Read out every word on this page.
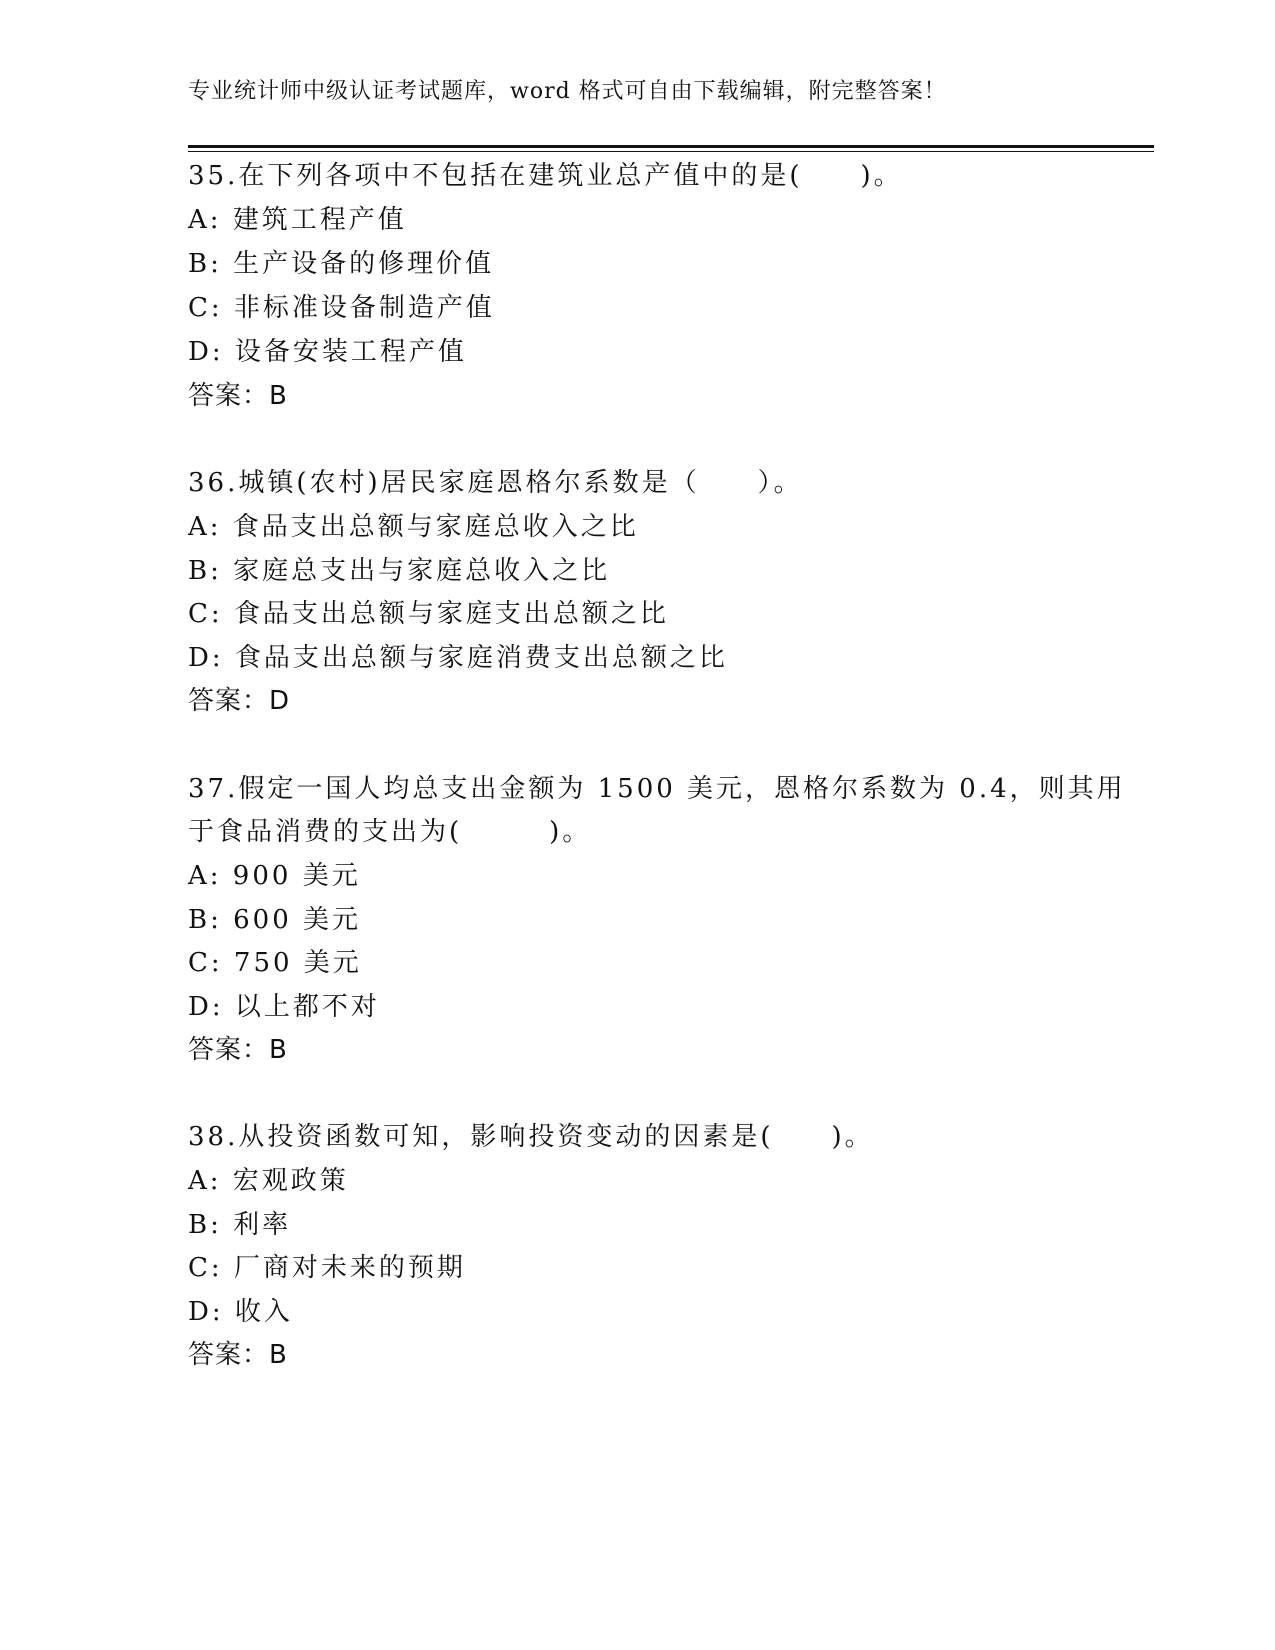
专业统计师中级认证考试题库，word 格式可自由下载编辑，附完整答案！
35.在下列各项中不包括在建筑业总产值中的是(　　)。
A: 建筑工程产值
B: 生产设备的修理价值
C: 非标准设备制造产值
D: 设备安装工程产值
答案：B
36.城镇(农村)居民家庭恩格尔系数是（　　）。
A: 食品支出总额与家庭总收入之比
B: 家庭总支出与家庭总收入之比
C: 食品支出总额与家庭支出总额之比
D: 食品支出总额与家庭消费支出总额之比
答案：D
37.假定一国人均总支出金额为 1500 美元，恩格尔系数为 0.4，则其用
于食品消费的支出为(　　　)。
A: 900 美元
B: 600 美元
C: 750 美元
D: 以上都不对
答案：B
38.从投资函数可知，影响投资变动的因素是(　　)。
A: 宏观政策
B: 利率
C: 厂商对未来的预期
D: 收入
答案：B
